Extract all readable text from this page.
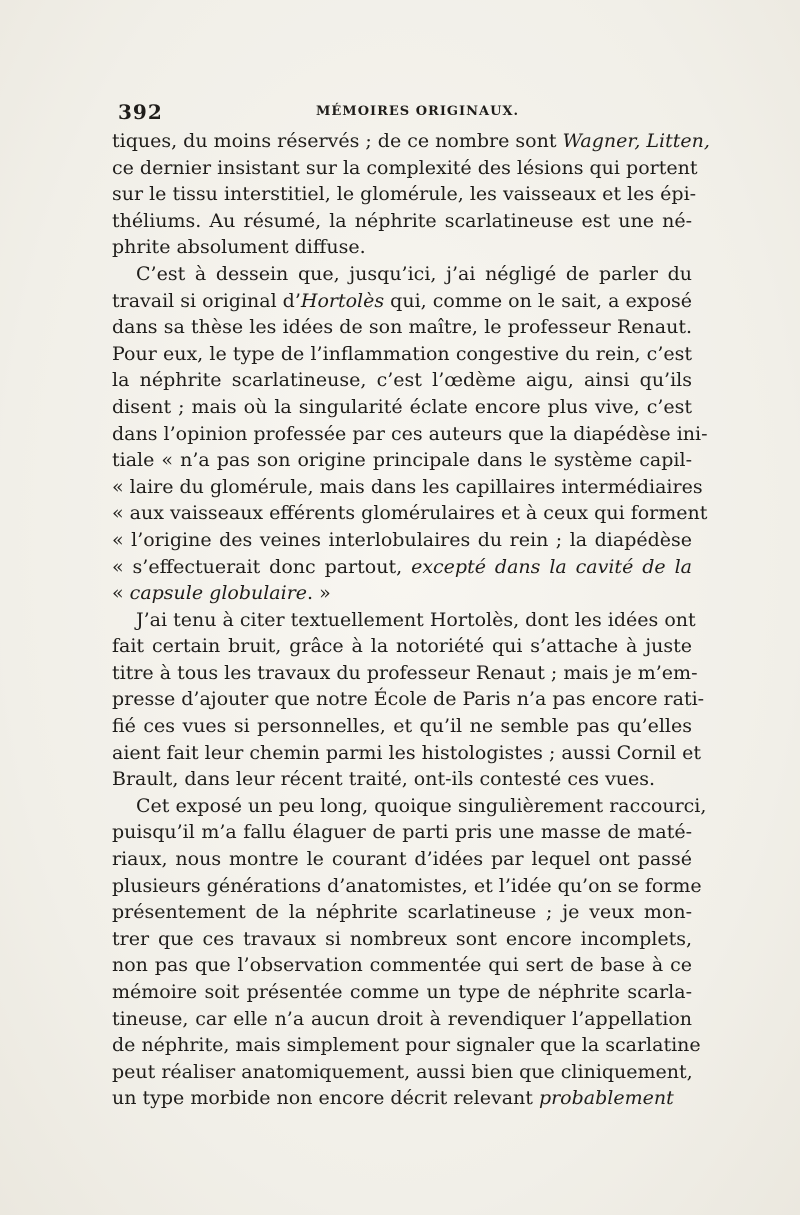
392	MÉMOIRES ORIGINAUX.
tiques, du moins réservés ; de ce nombre sont Wagner, Litten,
ce dernier insistant sur la complexité des lésions qui portent
sur le tissu interstitiel, le glomérule, les vaisseaux et les épi-
théliums. Au résumé, la néphrite scarlatineuse est une né-
phrite absolument diffuse.
C’est à dessein que, jusqu’ici, j’ai négligé de parler du
travail si original d’Hortolès qui, comme on le sait, a exposé
dans sa thèse les idées de son maître, le professeur Renaut.
Pour eux, le type de l’inflammation congestive du rein, c’est
la néphrite scarlatineuse, c’est l’œdème aigu, ainsi qu’ils
disent ; mais où la singularité éclate encore plus vive, c’est
dans l’opinion professée par ces auteurs que la diapédèse ini-
tiale « n’a pas son origine principale dans le système capil-
« laire du glomérule, mais dans les capillaires intermédiaires
« aux vaisseaux efférents glomérulaires et à ceux qui forment
« l’origine des veines interlobulaires du rein ; la diapédèse
« s’effectuerait donc partout, excepté dans la cavité de la
« capsule globulaire. »
J’ai tenu à citer textuellement Hortolès, dont les idées ont
fait certain bruit, grâce à la notoriété qui s’attache à juste
titre à tous les travaux du professeur Renaut ; mais je m’em-
presse d’ajouter que notre École de Paris n’a pas encore rati-
fié ces vues si personnelles, et qu’il ne semble pas qu’elles
aient fait leur chemin parmi les histologistes ; aussi Cornil et
Brault, dans leur récent traité, ont-ils contesté ces vues.
Cet exposé un peu long, quoique singulièrement raccourci,
puisqu’il m’a fallu élaguer de parti pris une masse de maté-
riaux, nous montre le courant d’idées par lequel ont passé
plusieurs générations d’anatomistes, et l’idée qu’on se forme
présentement de la néphrite scarlatineuse ; je veux mon-
trer que ces travaux si nombreux sont encore incomplets,
non pas que l’observation commentée qui sert de base à ce
mémoire soit présentée comme un type de néphrite scarla-
tineuse, car elle n’a aucun droit à revendiquer l’appellation
de néphrite, mais simplement pour signaler que la scarlatine
peut réaliser anatomiquement, aussi bien que cliniquement,
un type morbide non encore décrit relevant probablement
